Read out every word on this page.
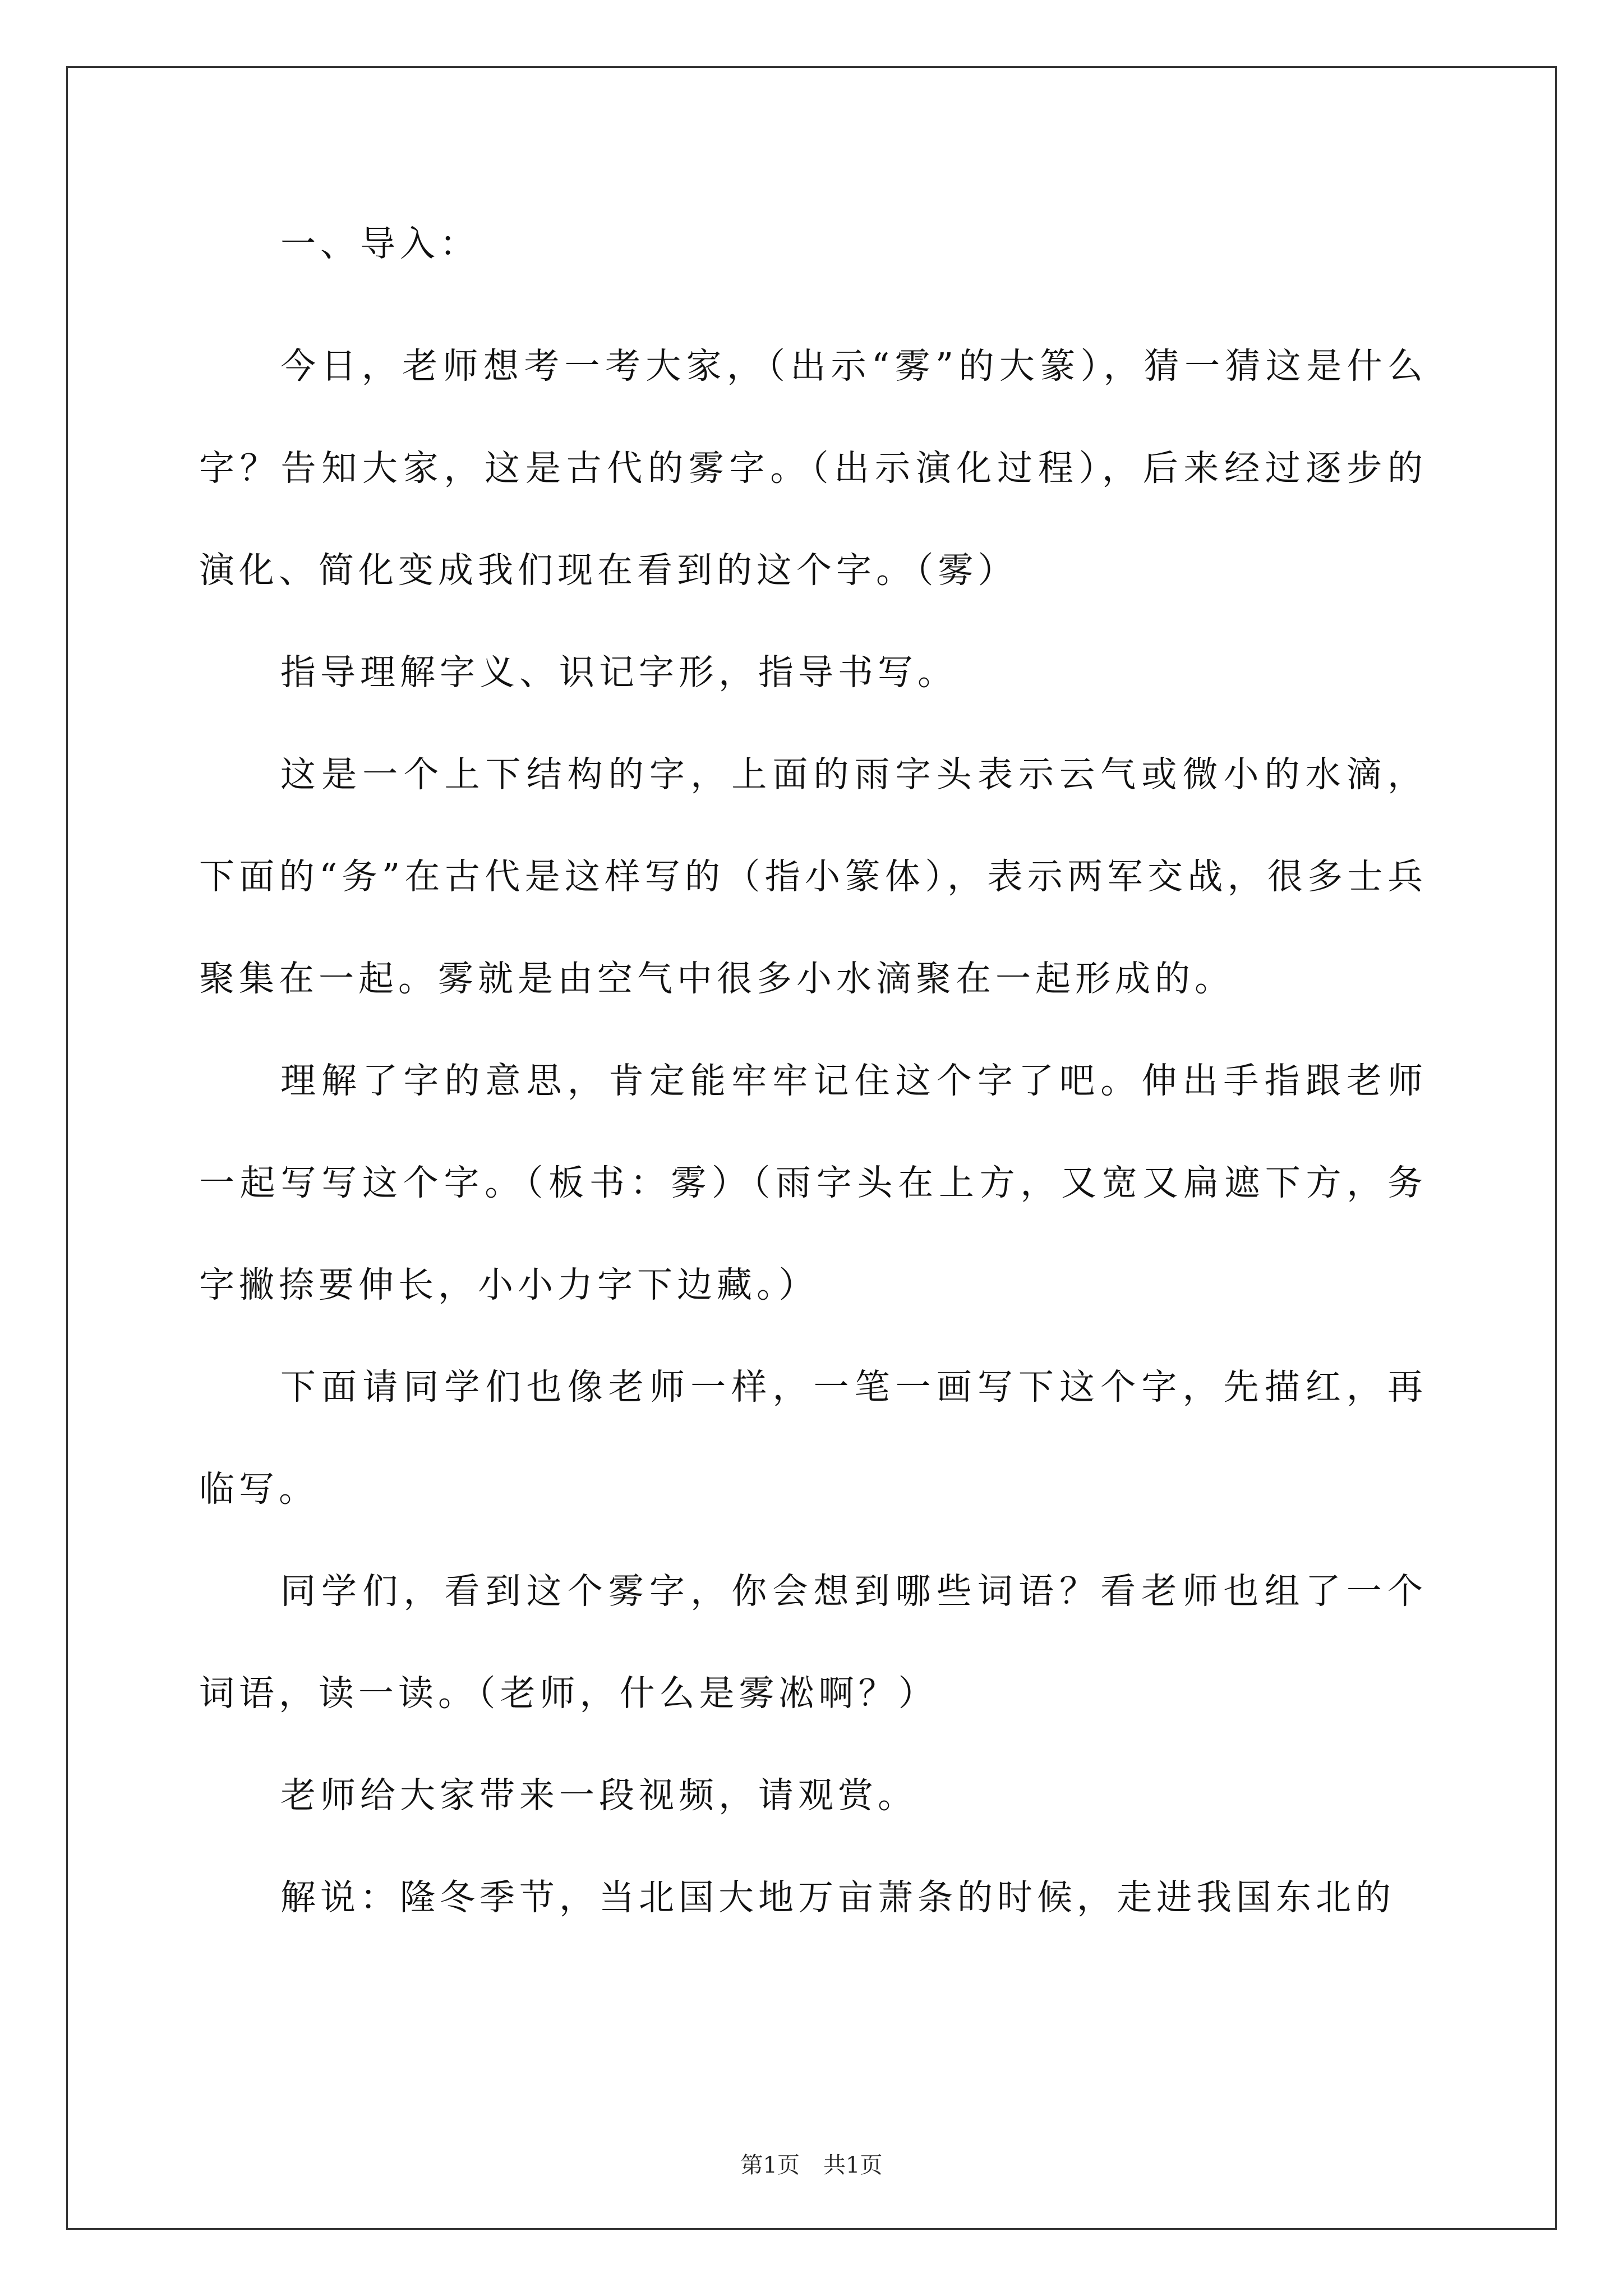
一、导入：

今日，老师想考一考大家，（出示“雾”的大篆），猜一猜这是什么字？告知大家，这是古代的雾字。（出示演化过程），后来经过逐步的演化、简化变成我们现在看到的这个字。（雾）

指导理解字义、识记字形，指导书写。

这是一个上下结构的字，上面的雨字头表示云气或微小的水滴，下面的“务”在古代是这样写的（指小篆体），表示两军交战，很多士兵聚集在一起。雾就是由空气中很多小水滴聚在一起形成的。

理解了字的意思，肯定能牢牢记住这个字了吧。伸出手指跟老师一起写写这个字。（板书：雾）（雨字头在上方，又宽又扁遮下方，务字撇捺要伸长，小小力字下边藏。）

下面请同学们也像老师一样，一笔一画写下这个字，先描红，再临写。

同学们，看到这个雾字，你会想到哪些词语？看老师也组了一个词语，读一读。（老师，什么是雾凇啊？）

老师给大家带来一段视频，请观赏。

解说：隆冬季节，当北国大地万亩萧条的时候，走进我国东北的

第1页 共1页
